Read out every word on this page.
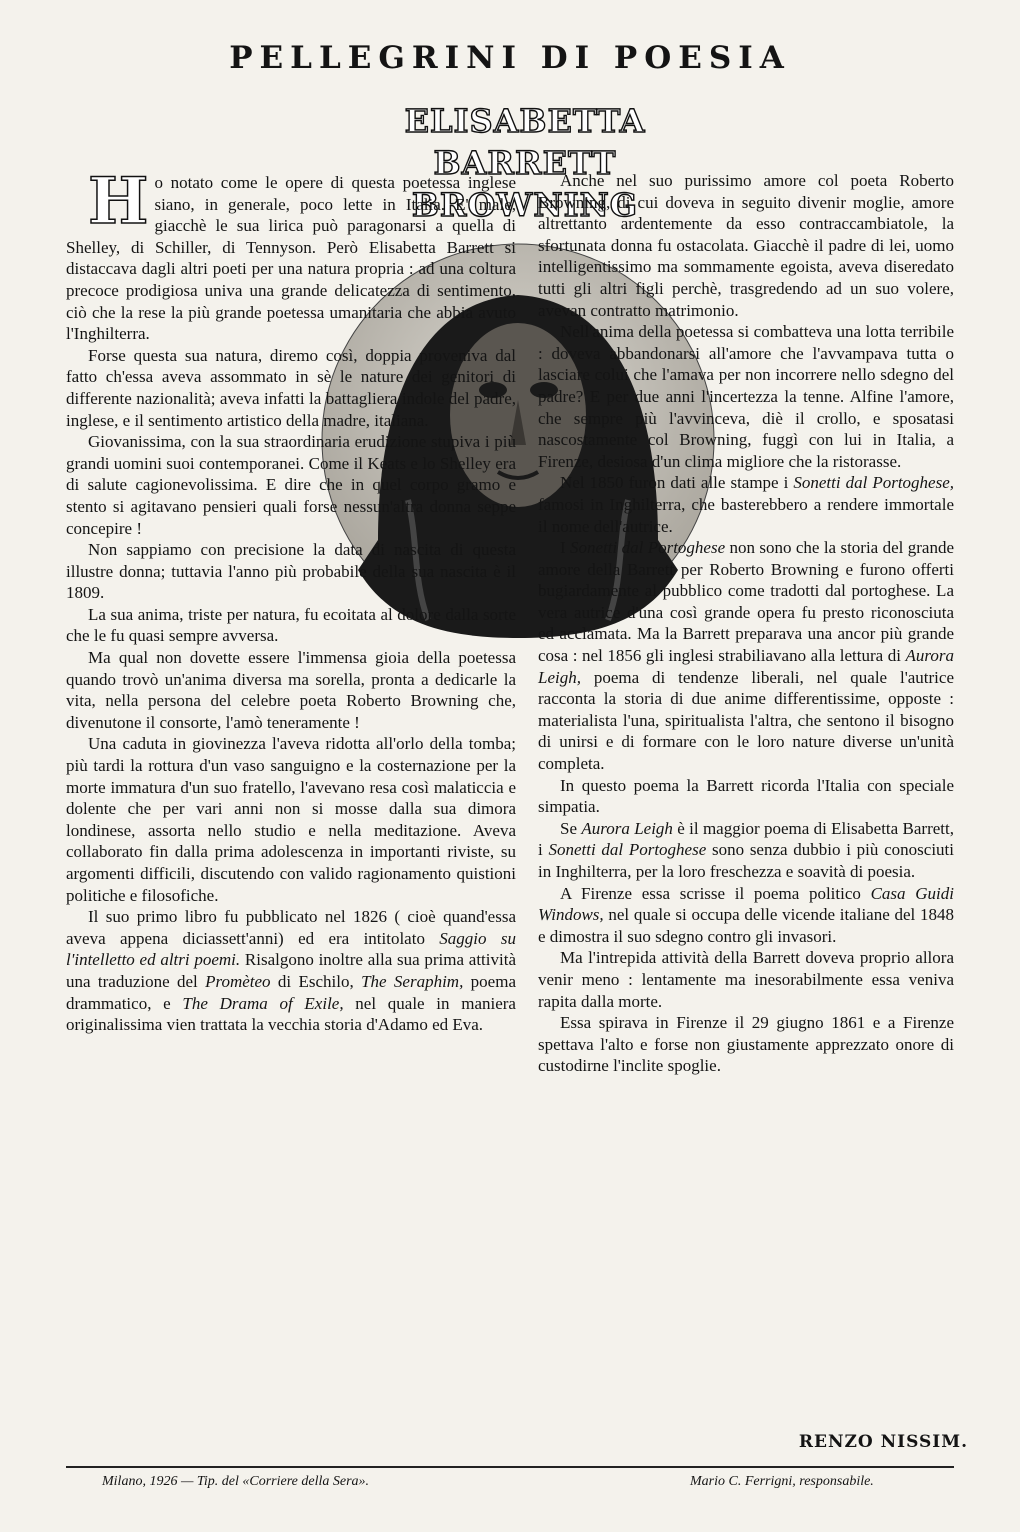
PELLEGRINI DI POESIA
ELISABETTA
BARRETT
BROWNING

Ho notato come le opere di questa poetessa inglese siano, in generale, poco lette in Italia. E' male, giacchè le sua lirica può paragonarsi a quella di Shelley, di Schiller, di Tennyson. Però Elisabetta Barrett si distaccava dagli altri poeti per una natura propria : ad una coltura precoce prodigiosa univa una grande delicatezza di sentimento, ciò che la rese la più grande poetessa umanitaria che abbia avuto l'Inghilterra.

Forse questa sua natura, diremo così, doppia proveniva dal fatto ch'essa aveva assommato in sè le nature dei genitori di differente nazionalità; aveva infatti la battagliera indole del padre, inglese, e il sentimento artistico della madre, italiana.

Giovanissima, con la sua straordinaria erudizione stupiva i più grandi uomini suoi contemporanei. Come il Keats e lo Shelley era di salute cagionevolissima. E dire che in quel corpo gramo e stento si agitavano pensieri quali forse nessun'altra donna seppe concepire !

Non sappiamo con precisione la data di nascita di questa illustre donna; tuttavia l'anno più probabile della sua nascita è il 1809.

La sua anima, triste per natura, fu ecoitata al dolore dalla sorte che le fu quasi sempre avversa.

Ma qual non dovette essere l'immensa gioia della poetessa quando trovò un'anima diversa ma sorella, pronta a dedicarle la vita, nella persona del celebre poeta Roberto Browning che, divenutone il consorte, l'amò teneramente !

Una caduta in giovinezza l'aveva ridotta all'orlo della tomba; più tardi la rottura d'un vaso sanguigno e la costernazione per la morte immatura d'un suo fratello, l'avevano resa così malaticcia e dolente che per vari anni non si mosse dalla sua dimora londinese, assorta nello studio e nella meditazione. Aveva collaborato fin dalla prima adolescenza in importanti riviste, su argomenti difficili, discutendo con valido ragionamento quistioni politiche e filosofiche.

Il suo primo libro fu pubblicato nel 1826 ( cioè quand'essa aveva appena diciassett'anni) ed era intitolato Saggio su l'intelletto ed altri poemi. Risalgono inoltre alla sua prima attività una traduzione del Promèteo di Eschilo, The Seraphim, poema drammatico, e The Drama of Exile, nel quale in maniera originalissima vien trattata la vecchia storia d'Adamo ed Eva.

Anche nel suo purissimo amore col poeta Roberto Browning, di cui doveva in seguito divenir moglie, amore altrettanto ardentemente da esso contraccambiatole, la sfortunata donna fu ostacolata. Giacchè il padre di lei, uomo intelligentissimo ma sommamente egoista, aveva diseredato tutti gli altri figli perchè, trasgredendo ad un suo volere, avevan contratto matrimonio.

Nell'anima della poetessa si combatteva una lotta terribile : doveva abbandonarsi all'amore che l'avvampava tutta o lasciare colui che l'amava per non incorrere nello sdegno del padre? E per due anni l'incertezza la tenne. Alfine l'amore, che sempre più l'avvinceva, diè il crollo, e sposatasi nascostamente col Browning, fuggì con lui in Italia, a Firenze, desiosa d'un clima migliore che la ristorasse.

Nel 1850 furon dati alle stampe i Sonetti dal Portoghese, famosi in Inghilterra, che basterebbero a rendere immortale il nome dell'autrice.

I Sonetti dal Portoghese non sono che la storia del grande amore della Barrett per Roberto Browning e furono offerti bugiardamente al pubblico come tradotti dal portoghese. La vera autrice d'una così grande opera fu presto riconosciuta ed acclamata. Ma la Barrett preparava una ancor più grande cosa : nel 1856 gli inglesi strabiliavano alla lettura di Aurora Leigh, poema di tendenze liberali, nel quale l'autrice racconta la storia di due anime differentissime, opposte : materialista l'una, spiritualista l'altra, che sentono il bisogno di unirsi e di formare con le loro nature diverse un'unità completa.

In questo poema la Barrett ricorda l'Italia con speciale simpatia.

Se Aurora Leigh è il maggior poema di Elisabetta Barrett, i Sonetti dal Portoghese sono senza dubbio i più conosciuti in Inghilterra, per la loro freschezza e soavità di poesia.

A Firenze essa scrisse il poema politico Casa Guidi Windows, nel quale si occupa delle vicende italiane del 1848 e dimostra il suo sdegno contro gli invasori.

Ma l'intrepida attività della Barrett doveva proprio allora venir meno : lentamente ma inesorabilmente essa veniva rapita dalla morte.

Essa spirava in Firenze il 29 giugno 1861 e a Firenze spettava l'alto e forse non giustamente apprezzato onore di custodirne l'inclite spoglie.

RENZO NISSIM.
Milano, 1926 — Tip. del «Corriere della Sera».	Mario C. Ferrigni, responsabile.
